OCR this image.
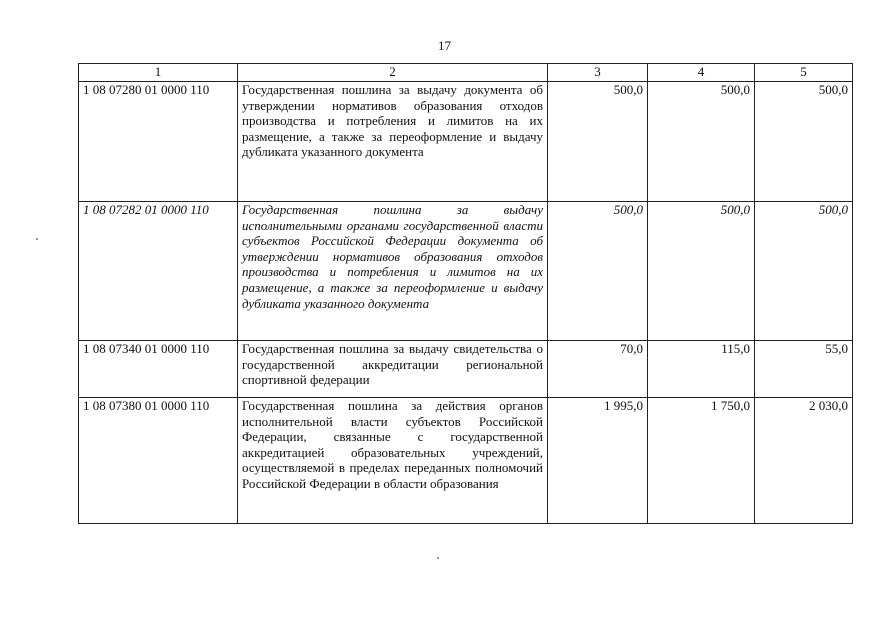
17
1	2	3	4	5
1 08 07280 01 0000 110	Государственная пошлина за выдачу документа об утверждении нормативов образования отходов производства и потребления и лимитов на их размещение, а также за переоформление и выдачу дубликата указанного документа	500,0	500,0	500,0
1 08 07282 01 0000 110	Государственная пошлина за выдачу исполнительными органами государственной власти субъектов Российской Федерации документа об утверждении нормативов образования отходов производства и потребления и лимитов на их размещение, а также за переоформление и выдачу дубликата указанного документа	500,0	500,0	500,0
1 08 07340 01 0000 110	Государственная пошлина за выдачу свидетельства о государственной аккредитации региональной спортивной федерации	70,0	115,0	55,0
1 08 07380 01 0000 110	Государственная пошлина за действия органов исполнительной власти субъектов Российской Федерации, связанные с государственной аккредитацией образовательных учреждений, осуществляемой в пределах переданных полномочий Российской Федерации в области образования	1 995,0	1 750,0	2 030,0
